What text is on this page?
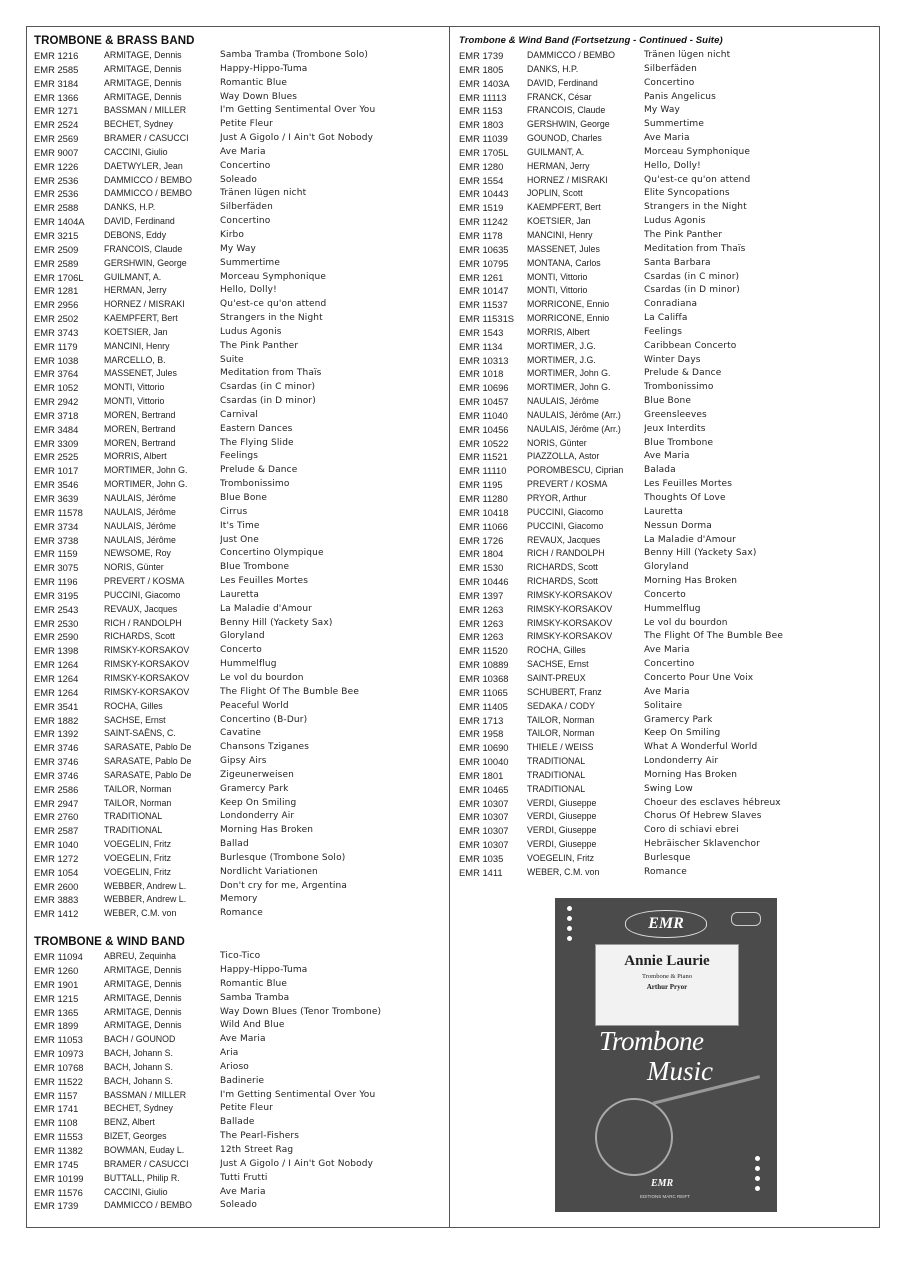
TROMBONE & BRASS BAND
EMR 1216	ARMITAGE, Dennis	Samba Tramba (Trombone Solo)
EMR 2585	ARMITAGE, Dennis	Happy-Hippo-Tuma
EMR 3184	ARMITAGE, Dennis	Romantic Blue
EMR 1366	ARMITAGE, Dennis	Way Down Blues
EMR 1271	BASSMAN / MILLER	I'm Getting Sentimental Over You
EMR 2524	BECHET, Sydney	Petite Fleur
EMR 2569	BRAMER / CASUCCI	Just A Gigolo / I Ain't Got Nobody
EMR 9007	CACCINI, Giulio	Ave Maria
EMR 1226	DAETWYLER, Jean	Concertino
EMR 2536	DAMMICCO / BEMBO	Soleado
EMR 2536	DAMMICCO / BEMBO	Tränen lügen nicht
EMR 2588	DANKS, H.P.	Silberfäden
EMR 1404A	DAVID, Ferdinand	Concertino
EMR 3215	DEBONS, Eddy	Kirbo
EMR 2509	FRANCOIS, Claude	My Way
EMR 2589	GERSHWIN, George	Summertime
EMR 1706L	GUILMANT, A.	Morceau Symphonique
EMR 1281	HERMAN, Jerry	Hello, Dolly!
EMR 2956	HORNEZ / MISRAKI	Qu'est-ce qu'on attend
EMR 2502	KAEMPFERT, Bert	Strangers in the Night
EMR 3743	KOETSIER, Jan	Ludus Agonis
EMR 1179	MANCINI, Henry	The Pink Panther
EMR 1038	MARCELLO, B.	Suite
EMR 3764	MASSENET, Jules	Meditation from Thaïs
EMR 1052	MONTI, Vittorio	Csardas (in C minor)
EMR 2942	MONTI, Vittorio	Csardas (in D minor)
EMR 3718	MOREN, Bertrand	Carnival
EMR 3484	MOREN, Bertrand	Eastern Dances
EMR 3309	MOREN, Bertrand	The Flying Slide
EMR 2525	MORRIS, Albert	Feelings
EMR 1017	MORTIMER, John G.	Prelude & Dance
EMR 3546	MORTIMER, John G.	Trombonissimo
EMR 3639	NAULAIS, Jérôme	Blue Bone
EMR 11578	NAULAIS, Jérôme	Cirrus
EMR 3734	NAULAIS, Jérôme	It's Time
EMR 3738	NAULAIS, Jérôme	Just One
EMR 1159	NEWSOME, Roy	Concertino Olympique
EMR 3075	NORIS, Günter	Blue Trombone
EMR 1196	PREVERT / KOSMA	Les Feuilles Mortes
EMR 3195	PUCCINI, Giacomo	Lauretta
EMR 2543	REVAUX, Jacques	La Maladie d'Amour
EMR 2530	RICH / RANDOLPH	Benny Hill (Yackety Sax)
EMR 2590	RICHARDS, Scott	Gloryland
EMR 1398	RIMSKY-KORSAKOV	Concerto
EMR 1264	RIMSKY-KORSAKOV	Hummelflug
EMR 1264	RIMSKY-KORSAKOV	Le vol du bourdon
EMR 1264	RIMSKY-KORSAKOV	The Flight Of The Bumble Bee
EMR 3541	ROCHA, Gilles	Peaceful World
EMR 1882	SACHSE, Ernst	Concertino (B-Dur)
EMR 1392	SAINT-SAËNS, C.	Cavatine
EMR 3746	SARASATE, Pablo De	Chansons Tziganes
EMR 3746	SARASATE, Pablo De	Gipsy Airs
EMR 3746	SARASATE, Pablo De	Zigeunerweisen
EMR 2586	TAILOR, Norman	Gramercy Park
EMR 2947	TAILOR, Norman	Keep On Smiling
EMR 2760	TRADITIONAL	Londonderry Air
EMR 2587	TRADITIONAL	Morning Has Broken
EMR 1040	VOEGELIN, Fritz	Ballad
EMR 1272	VOEGELIN, Fritz	Burlesque (Trombone Solo)
EMR 1054	VOEGELIN, Fritz	Nordlicht Variationen
EMR 2600	WEBBER, Andrew L.	Don't cry for me, Argentina
EMR 3883	WEBBER, Andrew L.	Memory
EMR 1412	WEBER, C.M. von	Romance
TROMBONE & WIND BAND
EMR 11094	ABREU, Zequinha	Tico-Tico
EMR 1260	ARMITAGE, Dennis	Happy-Hippo-Tuma
EMR 1901	ARMITAGE, Dennis	Romantic Blue
EMR 1215	ARMITAGE, Dennis	Samba Tramba
EMR 1365	ARMITAGE, Dennis	Way Down Blues (Tenor Trombone)
EMR 1899	ARMITAGE, Dennis	Wild And Blue
EMR 11053	BACH / GOUNOD	Ave Maria
EMR 10973	BACH, Johann S.	Aria
EMR 10768	BACH, Johann S.	Arioso
EMR 11522	BACH, Johann S.	Badinerie
EMR 1157	BASSMAN / MILLER	I'm Getting Sentimental Over You
EMR 1741	BECHET, Sydney	Petite Fleur
EMR 1108	BENZ, Albert	Ballade
EMR 11553	BIZET, Georges	The Pearl-Fishers
EMR 11382	BOWMAN, Euday L.	12th Street Rag
EMR 1745	BRAMER / CASUCCI	Just A Gigolo / I Ain't Got Nobody
EMR 10199	BUTTALL, Philip R.	Tutti Frutti
EMR 11576	CACCINI, Giulio	Ave Maria
EMR 1739	DAMMICCO / BEMBO	Soleado
Trombone & Wind Band (Fortsetzung - Continued - Suite)
EMR 1739	DAMMICCO / BEMBO	Tränen lügen nicht
EMR 1805	DANKS, H.P.	Silberfäden
EMR 1403A	DAVID, Ferdinand	Concertino
EMR 11113	FRANCK, César	Panis Angelicus
EMR 1153	FRANCOIS, Claude	My Way
EMR 1803	GERSHWIN, George	Summertime
EMR 11039	GOUNOD, Charles	Ave Maria
EMR 1705L	GUILMANT, A.	Morceau Symphonique
EMR 1280	HERMAN, Jerry	Hello, Dolly!
EMR 1554	HORNEZ / MISRAKI	Qu'est-ce qu'on attend
EMR 10443	JOPLIN, Scott	Elite Syncopations
EMR 1519	KAEMPFERT, Bert	Strangers in the Night
EMR 11242	KOETSIER, Jan	Ludus Agonis
EMR 1178	MANCINI, Henry	The Pink Panther
EMR 10635	MASSENET, Jules	Meditation from Thaïs
EMR 10795	MONTANA, Carlos	Santa Barbara
EMR 1261	MONTI, Vittorio	Csardas (in C minor)
EMR 10147	MONTI, Vittorio	Csardas (in D minor)
EMR 11537	MORRICONE, Ennio	Conradiana
EMR 11531S	MORRICONE, Ennio	La Califfa
EMR 1543	MORRIS, Albert	Feelings
EMR 1134	MORTIMER, J.G.	Caribbean Concerto
EMR 10313	MORTIMER, J.G.	Winter Days
EMR 1018	MORTIMER, John G.	Prelude & Dance
EMR 10696	MORTIMER, John G.	Trombonissimo
EMR 10457	NAULAIS, Jérôme	Blue Bone
EMR 11040	NAULAIS, Jérôme (Arr.)	Greensleeves
EMR 10456	NAULAIS, Jérôme (Arr.)	Jeux Interdits
EMR 10522	NORIS, Günter	Blue Trombone
EMR 11521	PIAZZOLLA, Astor	Ave Maria
EMR 11110	POROMBESCU, Ciprian	Balada
EMR 1195	PREVERT / KOSMA	Les Feuilles Mortes
EMR 11280	PRYOR, Arthur	Thoughts Of Love
EMR 10418	PUCCINI, Giacomo	Lauretta
EMR 11066	PUCCINI, Giacomo	Nessun Dorma
EMR 1726	REVAUX, Jacques	La Maladie d'Amour
EMR 1804	RICH / RANDOLPH	Benny Hill (Yackety Sax)
EMR 1530	RICHARDS, Scott	Gloryland
EMR 10446	RICHARDS, Scott	Morning Has Broken
EMR 1397	RIMSKY-KORSAKOV	Concerto
EMR 1263	RIMSKY-KORSAKOV	Hummelflug
EMR 1263	RIMSKY-KORSAKOV	Le vol du bourdon
EMR 1263	RIMSKY-KORSAKOV	The Flight Of The Bumble Bee
EMR 11520	ROCHA, Gilles	Ave Maria
EMR 10889	SACHSE, Ernst	Concertino
EMR 10368	SAINT-PREUX	Concerto Pour Une Voix
EMR 11065	SCHUBERT, Franz	Ave Maria
EMR 11405	SEDAKA / CODY	Solitaire
EMR 1713	TAILOR, Norman	Gramercy Park
EMR 1958	TAILOR, Norman	Keep On Smiling
EMR 10690	THIELE / WEISS	What A Wonderful World
EMR 10040	TRADITIONAL	Londonderry Air
EMR 1801	TRADITIONAL	Morning Has Broken
EMR 10465	TRADITIONAL	Swing Low
EMR 10307	VERDI, Giuseppe	Choeur des esclaves hébreux
EMR 10307	VERDI, Giuseppe	Chorus Of Hebrew Slaves
EMR 10307	VERDI, Giuseppe	Coro di schiavi ebrei
EMR 10307	VERDI, Giuseppe	Hebräischer Sklavenchor
EMR 1035	VOEGELIN, Fritz	Burlesque
EMR 1411	WEBER, C.M. von	Romance
EMR
Annie Laurie
Trombone & Piano
Arthur Pryor
Trombone
Music
EMR
EDITIONS MARC REIFT
